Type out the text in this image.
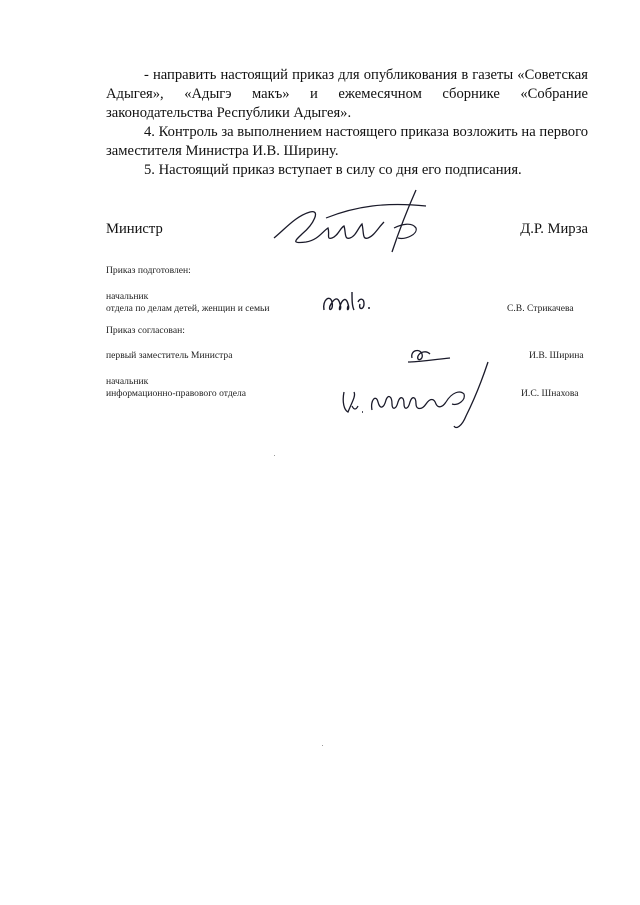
- направить настоящий приказ для опубликования в газеты «Советская Адыгея», «Адыгэ макъ» и ежемесячном сборнике «Собрание законодательства Республики Адыгея».

4. Контроль за выполнением настоящего приказа возложить на первого заместителя Министра И.В. Ширину.

5. Настоящий приказ вступает в силу со дня его подписания.

Министр	Д.Р. Мирза
Приказ подготовлен:
начальник
отдела по делам детей, женщин и семьи	С.В. Стрикачева
Приказ согласован:
первый заместитель Министра	И.В. Ширина
начальник
информационно-правового отдела	И.С. Шнахова
